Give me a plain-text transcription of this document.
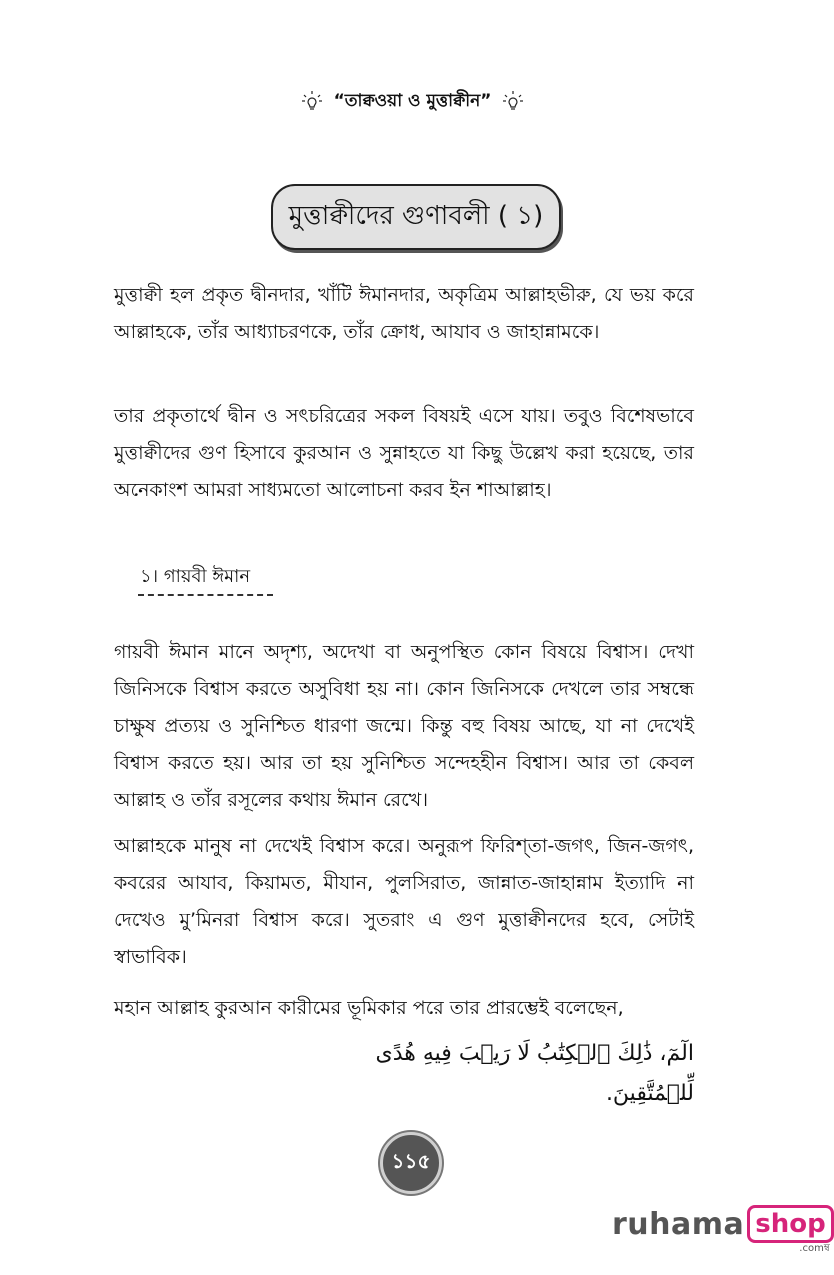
“তাক্বওয়া ও মুত্তাক্বীন”
মুত্তাক্বীদের গুণাবলী ( ১)

মুত্তাক্বী হল প্রকৃত দ্বীনদার, খাঁটি ঈমানদার, অকৃত্রিম আল্লাহভীরু, যে ভয় করে আল্লাহকে, তাঁর আধ্যাচরণকে, তাঁর ক্রোধ, আযাব ও জাহান্নামকে।

তার প্রকৃতার্থে দ্বীন ও সৎচরিত্রের সকল বিষয়ই এসে যায়। তবুও বিশেষভাবে মুত্তাক্বীদের গুণ হিসাবে কুরআন ও সুন্নাহতে যা কিছু উল্লেখ করা হয়েছে, তার অনেকাংশ আমরা সাধ্যমতো আলোচনা করব ইন শাআল্লাহ।

১। গায়বী ঈমান

গায়বী ঈমান মানে অদৃশ্য, অদেখা বা অনুপস্থিত কোন বিষয়ে বিশ্বাস। দেখা জিনিসকে বিশ্বাস করতে অসুবিধা হয় না। কোন জিনিসকে দেখলে তার সম্বন্ধে চাক্ষুষ প্রত্যয় ও সুনিশ্চিত ধারণা জন্মে। কিন্তু বহু বিষয় আছে, যা না দেখেই বিশ্বাস করতে হয়। আর তা হয় সুনিশ্চিত সন্দেহহীন বিশ্বাস। আর তা কেবল আল্লাহ ও তাঁর রসূলের কথায় ঈমান রেখে।

আল্লাহকে মানুষ না দেখেই বিশ্বাস করে। অনুরূপ ফিরিশ্‌তা-জগৎ, জিন-জগৎ, কবরের আযাব, কিয়ামত, মীযান, পুলসিরাত, জান্নাত-জাহান্নাম ইত্যাদি না দেখেও মু’মিনরা বিশ্বাস করে। সুতরাং এ গুণ মুত্তাক্বীনদের হবে, সেটাই স্বাভাবিক।

মহান আল্লাহ কুরআন কারীমের ভূমিকার পরে তার প্রারম্ভেই বলেছেন,

الٓمٓ، ذَٰلِكَ ٱلۡكِتَٰبُ لَا رَيۡبَ فِيهِ هُدًى لِّلۡمُتَّقِينَ.
১১৫
ruhama shop
.comম্ব
